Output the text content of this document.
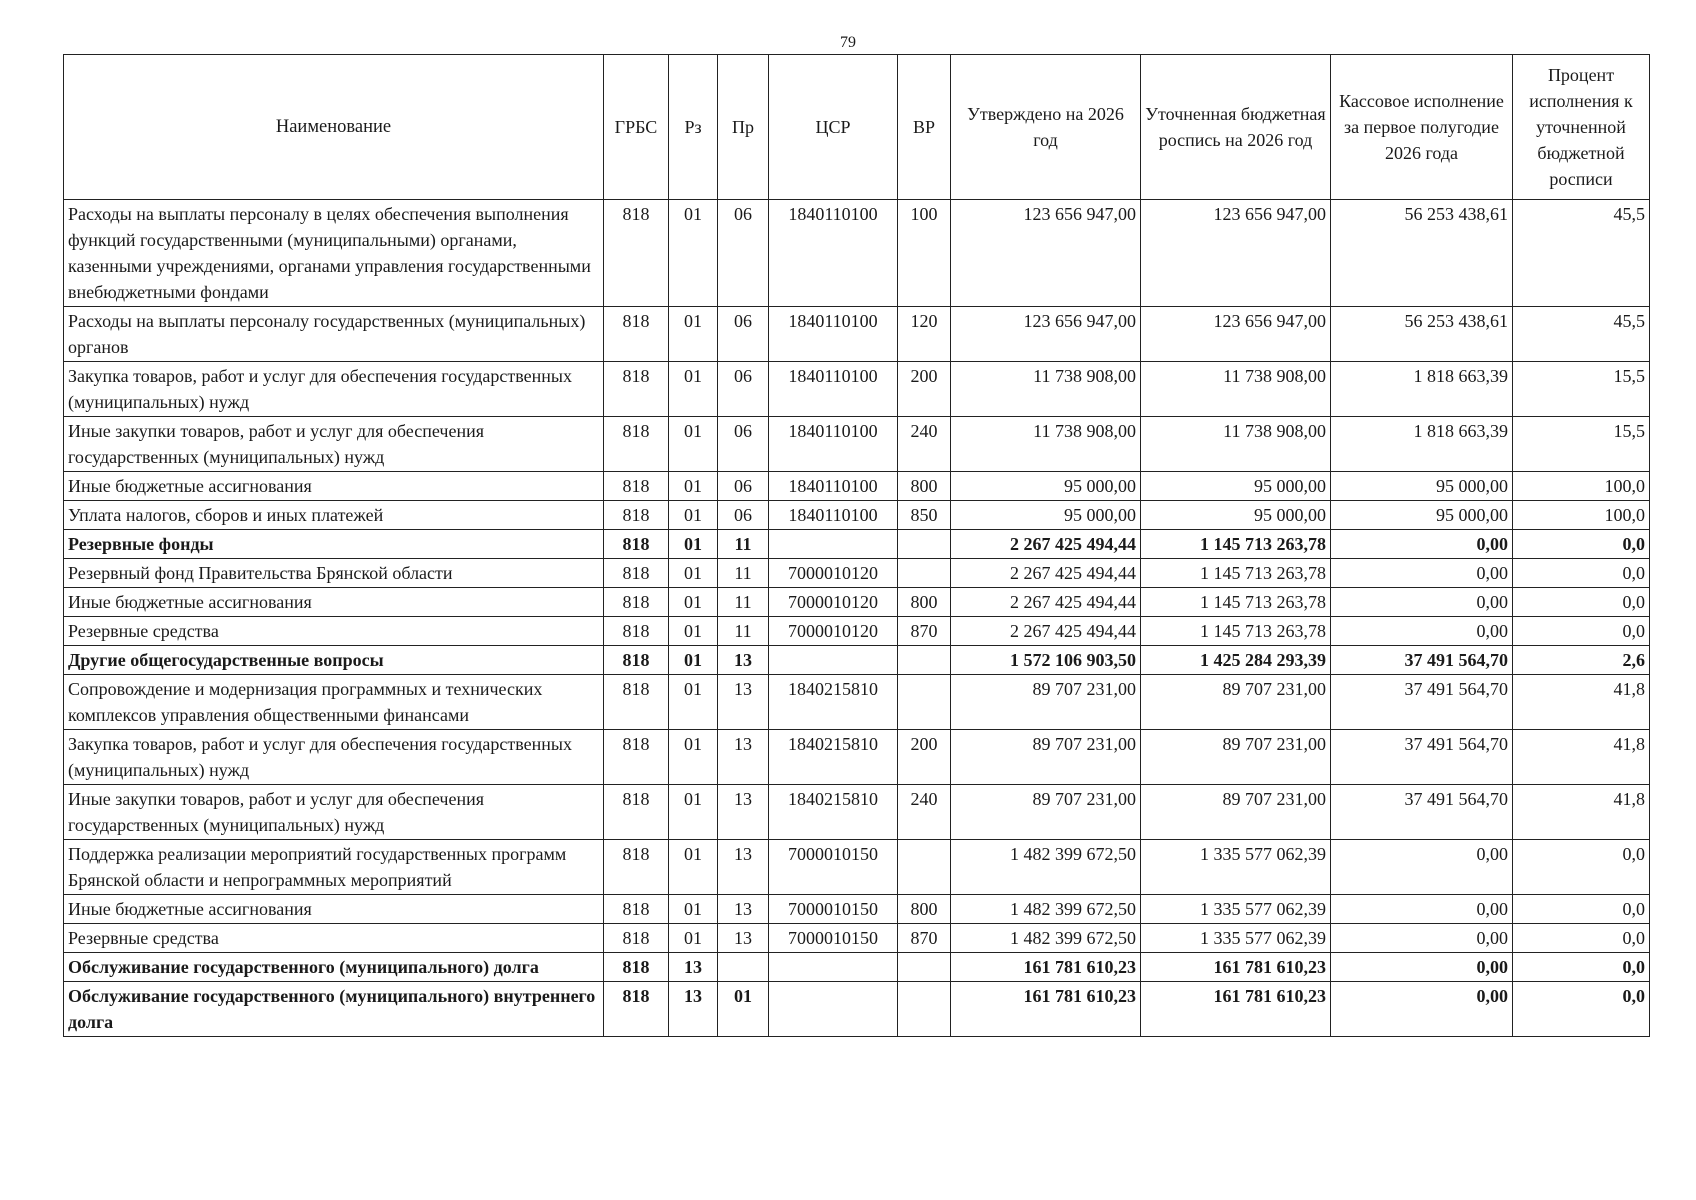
79
Наименование	ГРБС	Рз	Пр	ЦСР	ВР	Утверждено на 2026 год	Уточненная бюджетная роспись на 2026 год	Кассовое исполнение за первое полугодие 2026 года	Процент исполнения к уточненной бюджетной росписи
Расходы на выплаты персоналу в целях обеспечения выполнения функций государственными (муниципальными) органами, казенными учреждениями, органами управления государственными внебюджетными фондами	818	01	06	1840110100	100	123 656 947,00	123 656 947,00	56 253 438,61	45,5
Расходы на выплаты персоналу государственных (муниципальных) органов	818	01	06	1840110100	120	123 656 947,00	123 656 947,00	56 253 438,61	45,5
Закупка товаров, работ и услуг для обеспечения государственных (муниципальных) нужд	818	01	06	1840110100	200	11 738 908,00	11 738 908,00	1 818 663,39	15,5
Иные закупки товаров, работ и услуг для обеспечения государственных (муниципальных) нужд	818	01	06	1840110100	240	11 738 908,00	11 738 908,00	1 818 663,39	15,5
Иные бюджетные ассигнования	818	01	06	1840110100	800	95 000,00	95 000,00	95 000,00	100,0
Уплата налогов, сборов и иных платежей	818	01	06	1840110100	850	95 000,00	95 000,00	95 000,00	100,0
Резервные фонды	818	01	11			2 267 425 494,44	1 145 713 263,78	0,00	0,0
Резервный фонд Правительства Брянской области	818	01	11	7000010120		2 267 425 494,44	1 145 713 263,78	0,00	0,0
Иные бюджетные ассигнования	818	01	11	7000010120	800	2 267 425 494,44	1 145 713 263,78	0,00	0,0
Резервные средства	818	01	11	7000010120	870	2 267 425 494,44	1 145 713 263,78	0,00	0,0
Другие общегосударственные вопросы	818	01	13			1 572 106 903,50	1 425 284 293,39	37 491 564,70	2,6
Сопровождение и модернизация программных и технических комплексов управления общественными финансами	818	01	13	1840215810		89 707 231,00	89 707 231,00	37 491 564,70	41,8
Закупка товаров, работ и услуг для обеспечения государственных (муниципальных) нужд	818	01	13	1840215810	200	89 707 231,00	89 707 231,00	37 491 564,70	41,8
Иные закупки товаров, работ и услуг для обеспечения государственных (муниципальных) нужд	818	01	13	1840215810	240	89 707 231,00	89 707 231,00	37 491 564,70	41,8
Поддержка реализации мероприятий государственных программ Брянской области и непрограммных мероприятий	818	01	13	7000010150		1 482 399 672,50	1 335 577 062,39	0,00	0,0
Иные бюджетные ассигнования	818	01	13	7000010150	800	1 482 399 672,50	1 335 577 062,39	0,00	0,0
Резервные средства	818	01	13	7000010150	870	1 482 399 672,50	1 335 577 062,39	0,00	0,0
Обслуживание государственного (муниципального) долга	818	13				161 781 610,23	161 781 610,23	0,00	0,0
Обслуживание государственного (муниципального) внутреннего долга	818	13	01			161 781 610,23	161 781 610,23	0,00	0,0
